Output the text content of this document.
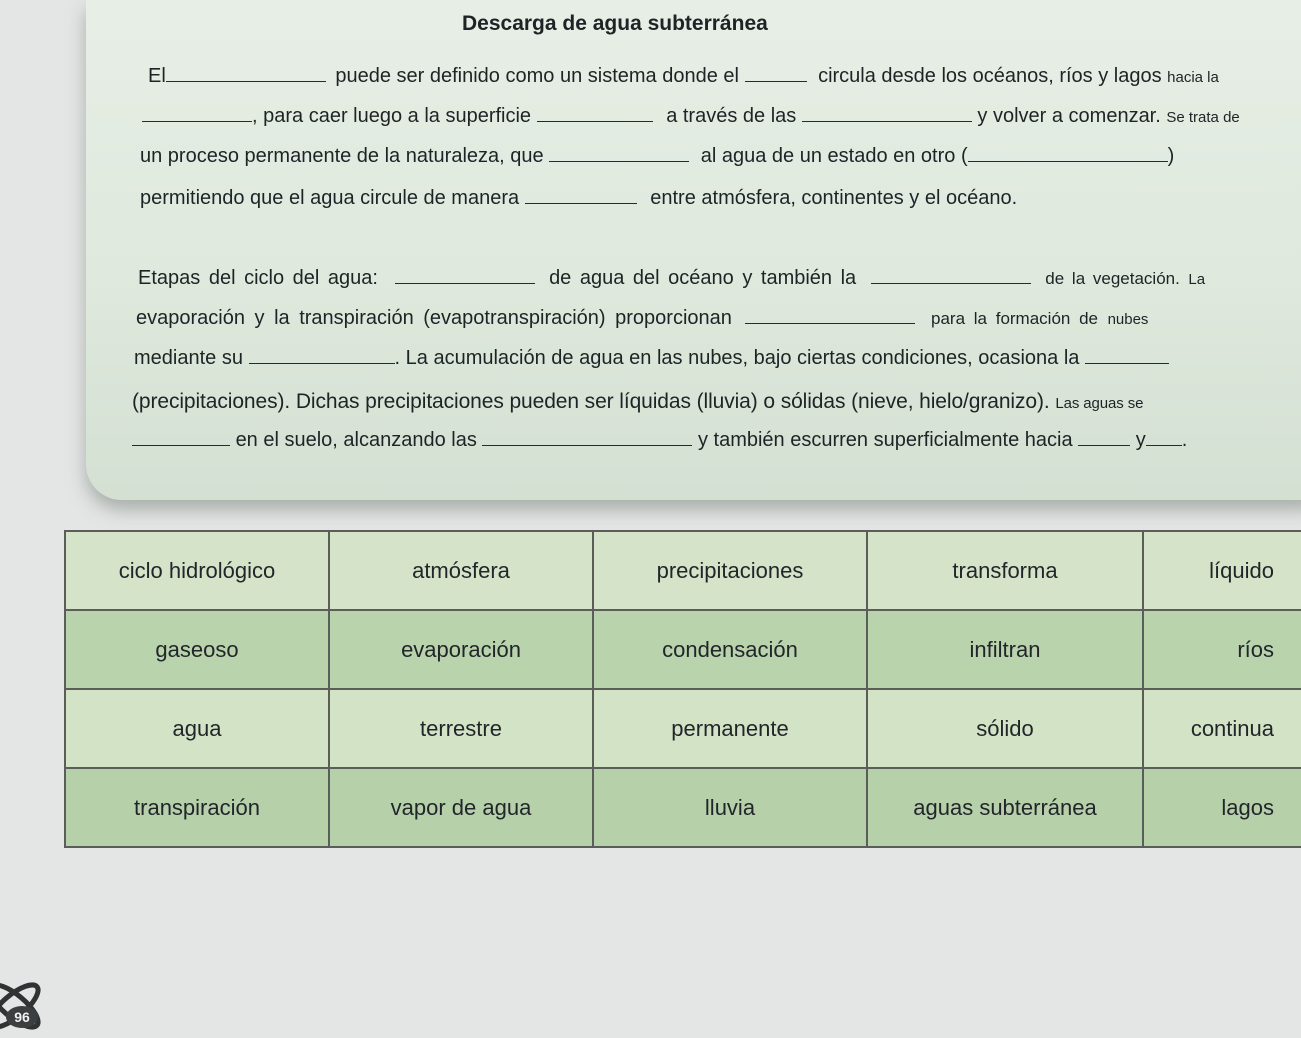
Descarga de agua subterránea
El	puede ser definido como un sistema donde el	circula desde los océanos, ríos y lagos hacia la
, para caer luego a la superficie	a través de las	y volver a comenzar. Se trata de
un proceso permanente de la naturaleza, que	al agua de un estado en otro (	)
permitiendo que el agua circule de manera	entre atmósfera, continentes y el océano.
Etapas del ciclo del agua:	de agua del océano y también la	de la vegetación. La
evaporación y la transpiración (evapotranspiración) proporcionan	para la formación de nubes
mediante su	. La acumulación de agua en las nubes, bajo ciertas condiciones, ocasiona la
(precipitaciones). Dichas precipitaciones pueden ser líquidas (lluvia) o sólidas (nieve, hielo/granizo). Las aguas se
en el suelo, alcanzando las	y también escurren superficialmente hacia	y .
ciclo hidrológico	atmósfera	precipitaciones	transforma	líquido
gaseoso	evaporación	condensación	infiltran	ríos
agua	terrestre	permanente	sólido	continua
transpiración	vapor de agua	lluvia	aguas subterránea	lagos
96
